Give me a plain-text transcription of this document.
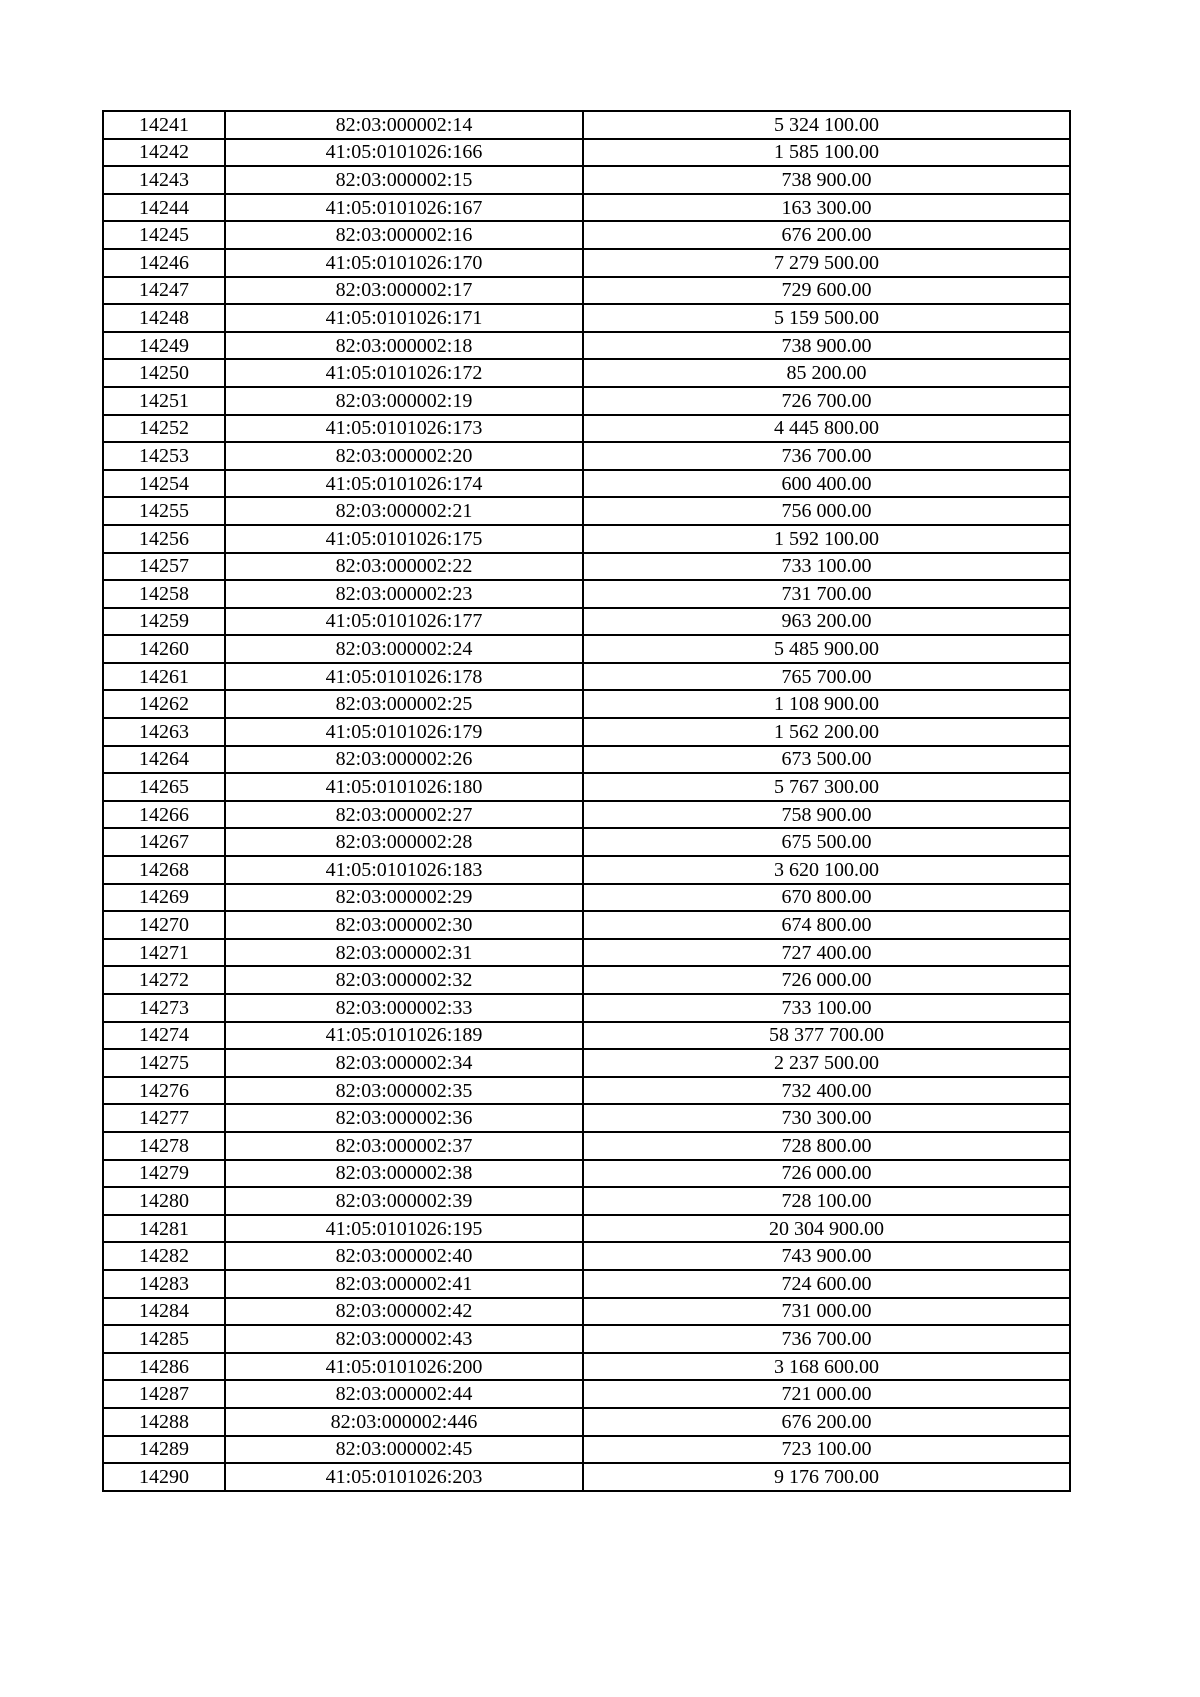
14241	82:03:000002:14	5 324 100.00
14242	41:05:0101026:166	1 585 100.00
14243	82:03:000002:15	738 900.00
14244	41:05:0101026:167	163 300.00
14245	82:03:000002:16	676 200.00
14246	41:05:0101026:170	7 279 500.00
14247	82:03:000002:17	729 600.00
14248	41:05:0101026:171	5 159 500.00
14249	82:03:000002:18	738 900.00
14250	41:05:0101026:172	85 200.00
14251	82:03:000002:19	726 700.00
14252	41:05:0101026:173	4 445 800.00
14253	82:03:000002:20	736 700.00
14254	41:05:0101026:174	600 400.00
14255	82:03:000002:21	756 000.00
14256	41:05:0101026:175	1 592 100.00
14257	82:03:000002:22	733 100.00
14258	82:03:000002:23	731 700.00
14259	41:05:0101026:177	963 200.00
14260	82:03:000002:24	5 485 900.00
14261	41:05:0101026:178	765 700.00
14262	82:03:000002:25	1 108 900.00
14263	41:05:0101026:179	1 562 200.00
14264	82:03:000002:26	673 500.00
14265	41:05:0101026:180	5 767 300.00
14266	82:03:000002:27	758 900.00
14267	82:03:000002:28	675 500.00
14268	41:05:0101026:183	3 620 100.00
14269	82:03:000002:29	670 800.00
14270	82:03:000002:30	674 800.00
14271	82:03:000002:31	727 400.00
14272	82:03:000002:32	726 000.00
14273	82:03:000002:33	733 100.00
14274	41:05:0101026:189	58 377 700.00
14275	82:03:000002:34	2 237 500.00
14276	82:03:000002:35	732 400.00
14277	82:03:000002:36	730 300.00
14278	82:03:000002:37	728 800.00
14279	82:03:000002:38	726 000.00
14280	82:03:000002:39	728 100.00
14281	41:05:0101026:195	20 304 900.00
14282	82:03:000002:40	743 900.00
14283	82:03:000002:41	724 600.00
14284	82:03:000002:42	731 000.00
14285	82:03:000002:43	736 700.00
14286	41:05:0101026:200	3 168 600.00
14287	82:03:000002:44	721 000.00
14288	82:03:000002:446	676 200.00
14289	82:03:000002:45	723 100.00
14290	41:05:0101026:203	9 176 700.00
